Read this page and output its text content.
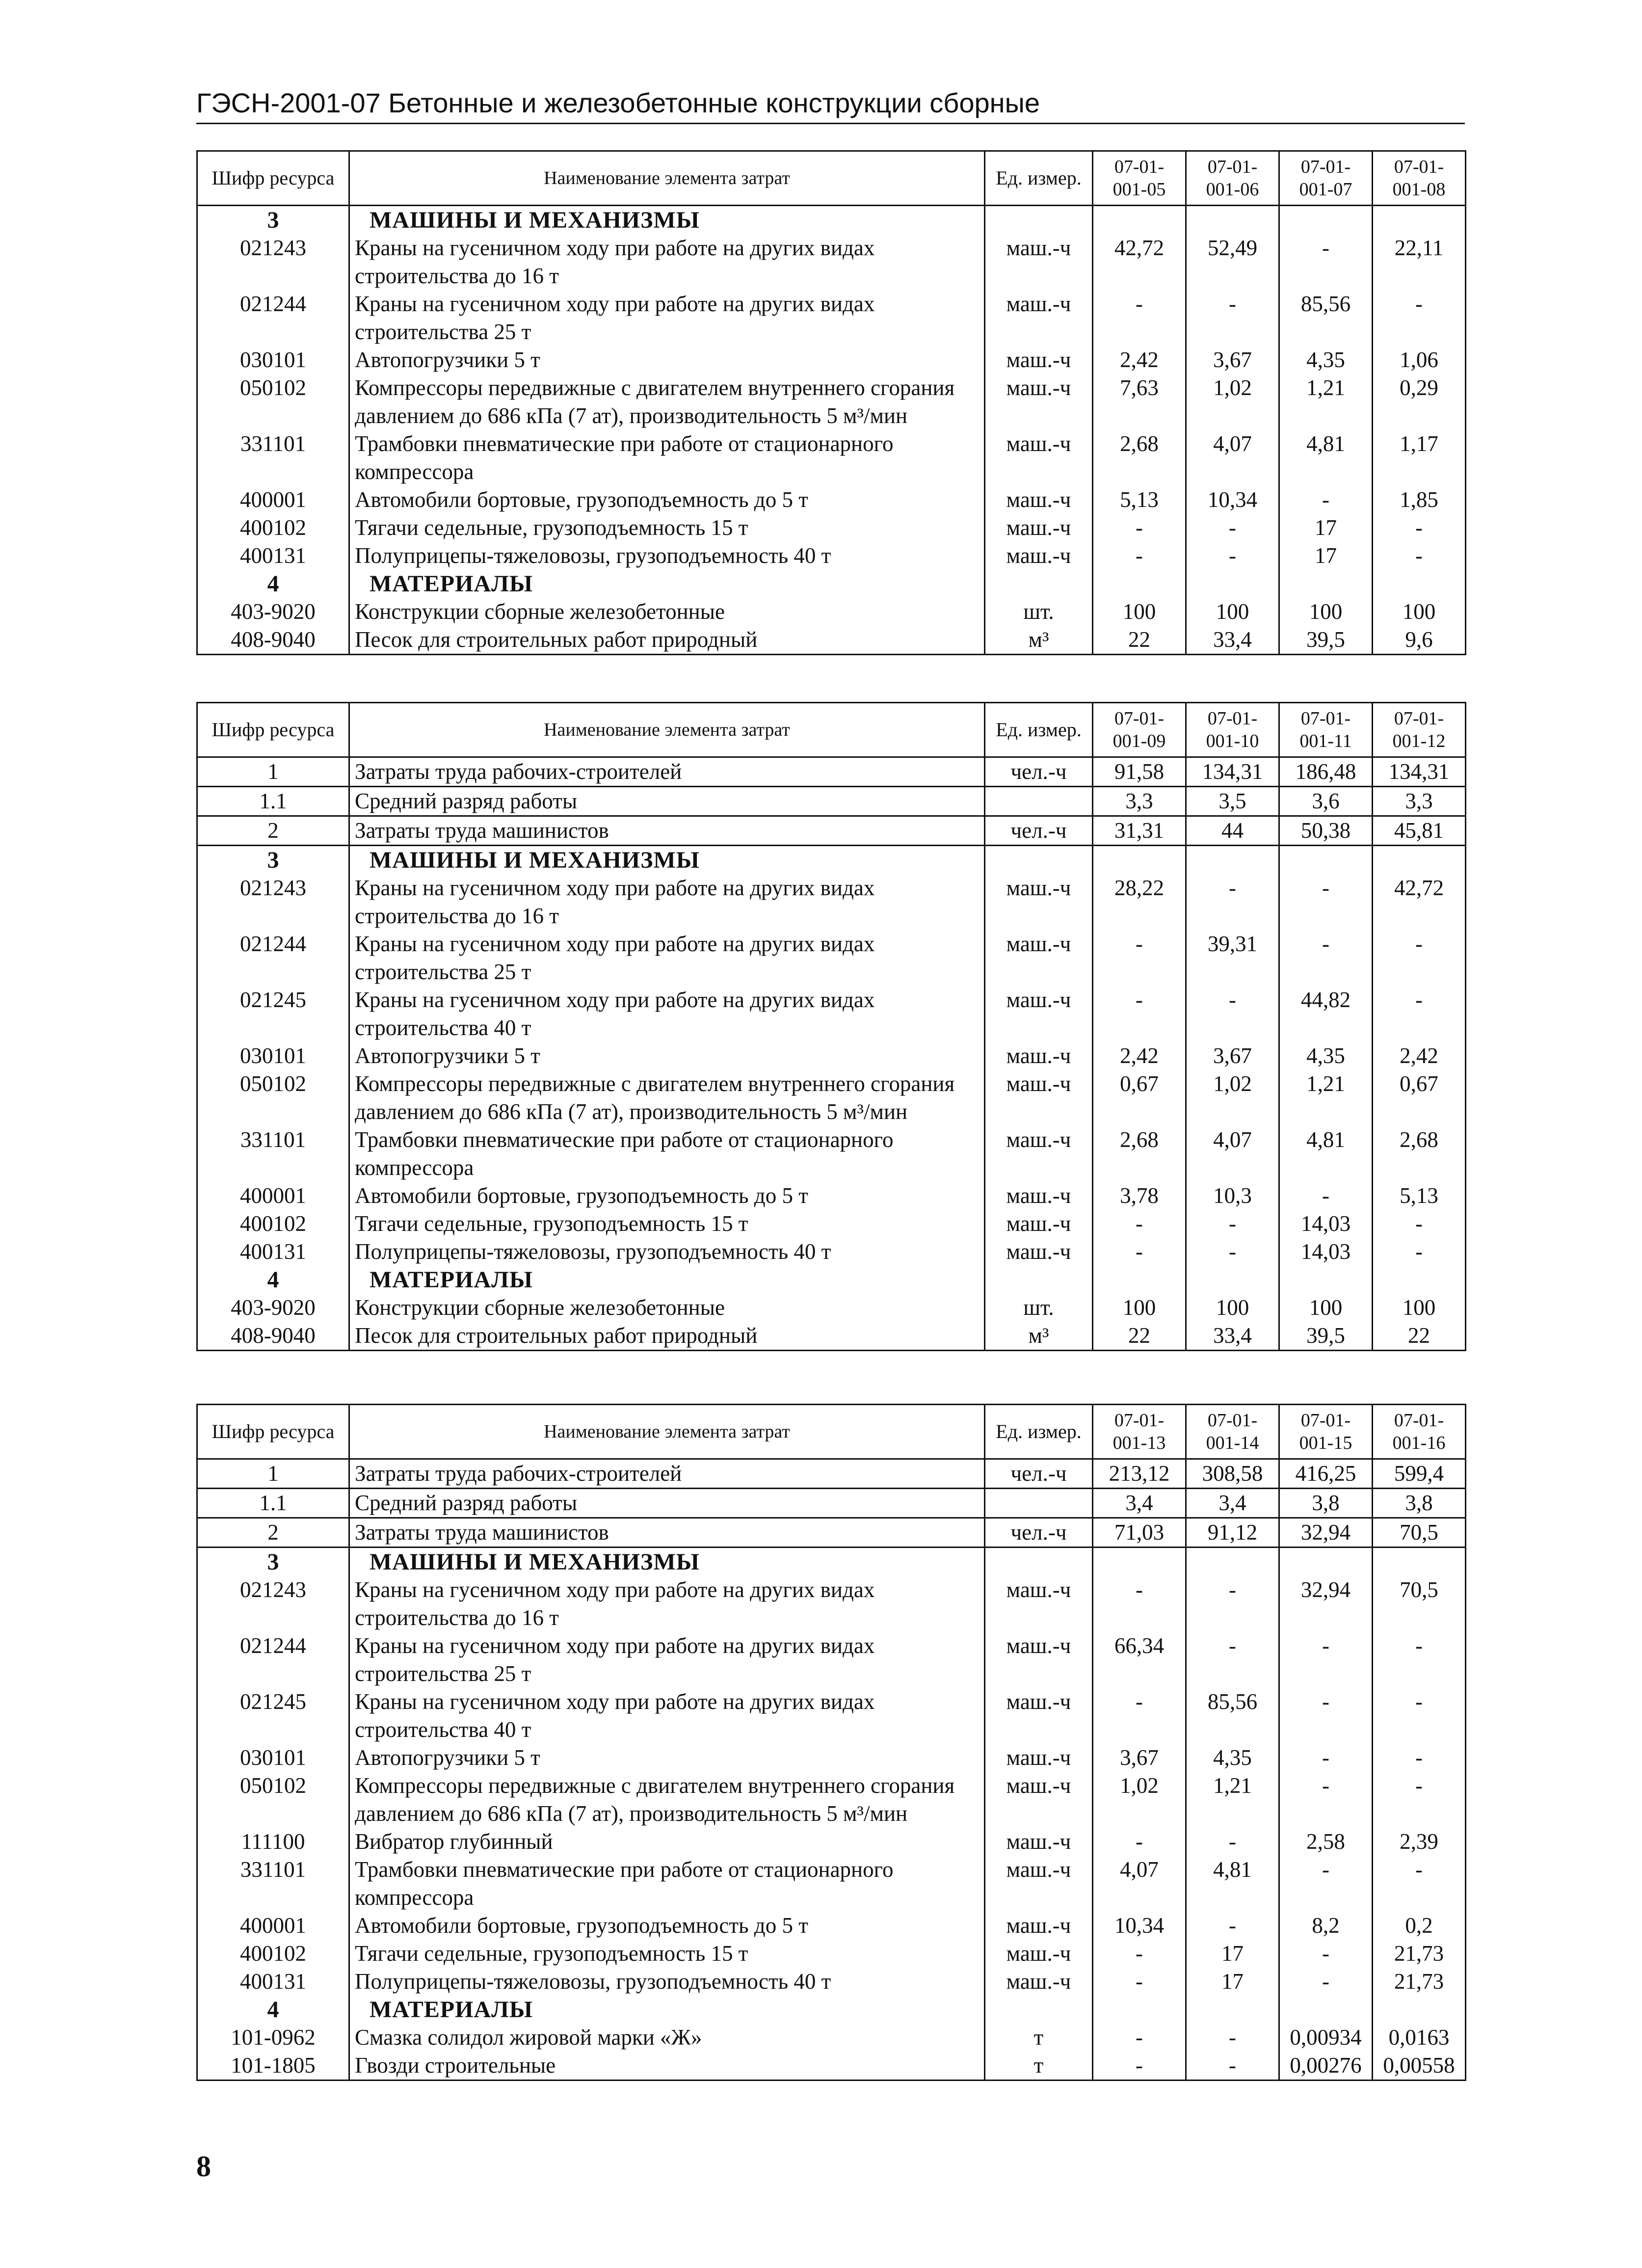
ГЭСН-2001-07 Бетонные и железобетонные конструкции сборные
Шифр ресурса	Наименование элемента затрат	Ед. измер.	07-01-001-05	07-01-001-06	07-01-001-07	07-01-001-08
3	МАШИНЫ И МЕХАНИЗМЫ					
021243	Краны на гусеничном ходу при работе на других видах строительства до 16 т	маш.-ч	42,72	52,49	-	22,11
021244	Краны на гусеничном ходу при работе на других видах строительства 25 т	маш.-ч	-	-	85,56	-
030101	Автопогрузчики 5 т	маш.-ч	2,42	3,67	4,35	1,06
050102	Компрессоры передвижные с двигателем внутреннего сгорания давлением до 686 кПа (7 ат), производительность 5 м³/мин	маш.-ч	7,63	1,02	1,21	0,29
331101	Трамбовки пневматические при работе от стационарного компрессора	маш.-ч	2,68	4,07	4,81	1,17
400001	Автомобили бортовые, грузоподъемность до 5 т	маш.-ч	5,13	10,34	-	1,85
400102	Тягачи седельные, грузоподъемность 15 т	маш.-ч	-	-	17	-
400131	Полуприцепы-тяжеловозы, грузоподъемность 40 т	маш.-ч	-	-	17	-
4	МАТЕРИАЛЫ					
403-9020	Конструкции сборные железобетонные	шт.	100	100	100	100
408-9040	Песок для строительных работ природный	м³	22	33,4	39,5	9,6
Шифр ресурса	Наименование элемента затрат	Ед. измер.	07-01-001-09	07-01-001-10	07-01-001-11	07-01-001-12
1	Затраты труда рабочих-строителей	чел.-ч	91,58	134,31	186,48	134,31
1.1	Средний разряд работы		3,3	3,5	3,6	3,3
2	Затраты труда машинистов	чел.-ч	31,31	44	50,38	45,81
3	МАШИНЫ И МЕХАНИЗМЫ					
021243	Краны на гусеничном ходу при работе на других видах строительства до 16 т	маш.-ч	28,22	-	-	42,72
021244	Краны на гусеничном ходу при работе на других видах строительства 25 т	маш.-ч	-	39,31	-	-
021245	Краны на гусеничном ходу при работе на других видах строительства 40 т	маш.-ч	-	-	44,82	-
030101	Автопогрузчики 5 т	маш.-ч	2,42	3,67	4,35	2,42
050102	Компрессоры передвижные с двигателем внутреннего сгорания давлением до 686 кПа (7 ат), производительность 5 м³/мин	маш.-ч	0,67	1,02	1,21	0,67
331101	Трамбовки пневматические при работе от стационарного компрессора	маш.-ч	2,68	4,07	4,81	2,68
400001	Автомобили бортовые, грузоподъемность до 5 т	маш.-ч	3,78	10,3	-	5,13
400102	Тягачи седельные, грузоподъемность 15 т	маш.-ч	-	-	14,03	-
400131	Полуприцепы-тяжеловозы, грузоподъемность 40 т	маш.-ч	-	-	14,03	-
4	МАТЕРИАЛЫ					
403-9020	Конструкции сборные железобетонные	шт.	100	100	100	100
408-9040	Песок для строительных работ природный	м³	22	33,4	39,5	22
Шифр ресурса	Наименование элемента затрат	Ед. измер.	07-01-001-13	07-01-001-14	07-01-001-15	07-01-001-16
1	Затраты труда рабочих-строителей	чел.-ч	213,12	308,58	416,25	599,4
1.1	Средний разряд работы		3,4	3,4	3,8	3,8
2	Затраты труда машинистов	чел.-ч	71,03	91,12	32,94	70,5
3	МАШИНЫ И МЕХАНИЗМЫ					
021243	Краны на гусеничном ходу при работе на других видах строительства до 16 т	маш.-ч	-	-	32,94	70,5
021244	Краны на гусеничном ходу при работе на других видах строительства 25 т	маш.-ч	66,34	-	-	-
021245	Краны на гусеничном ходу при работе на других видах строительства 40 т	маш.-ч	-	85,56	-	-
030101	Автопогрузчики 5 т	маш.-ч	3,67	4,35	-	-
050102	Компрессоры передвижные с двигателем внутреннего сгорания давлением до 686 кПа (7 ат), производительность 5 м³/мин	маш.-ч	1,02	1,21	-	-
111100	Вибратор глубинный	маш.-ч	-	-	2,58	2,39
331101	Трамбовки пневматические при работе от стационарного компрессора	маш.-ч	4,07	4,81	-	-
400001	Автомобили бортовые, грузоподъемность до 5 т	маш.-ч	10,34	-	8,2	0,2
400102	Тягачи седельные, грузоподъемность 15 т	маш.-ч	-	17	-	21,73
400131	Полуприцепы-тяжеловозы, грузоподъемность 40 т	маш.-ч	-	17	-	21,73
4	МАТЕРИАЛЫ					
101-0962	Смазка солидол жировой марки «Ж»	т	-	-	0,00934	0,0163
101-1805	Гвозди строительные	т	-	-	0,00276	0,00558
8
